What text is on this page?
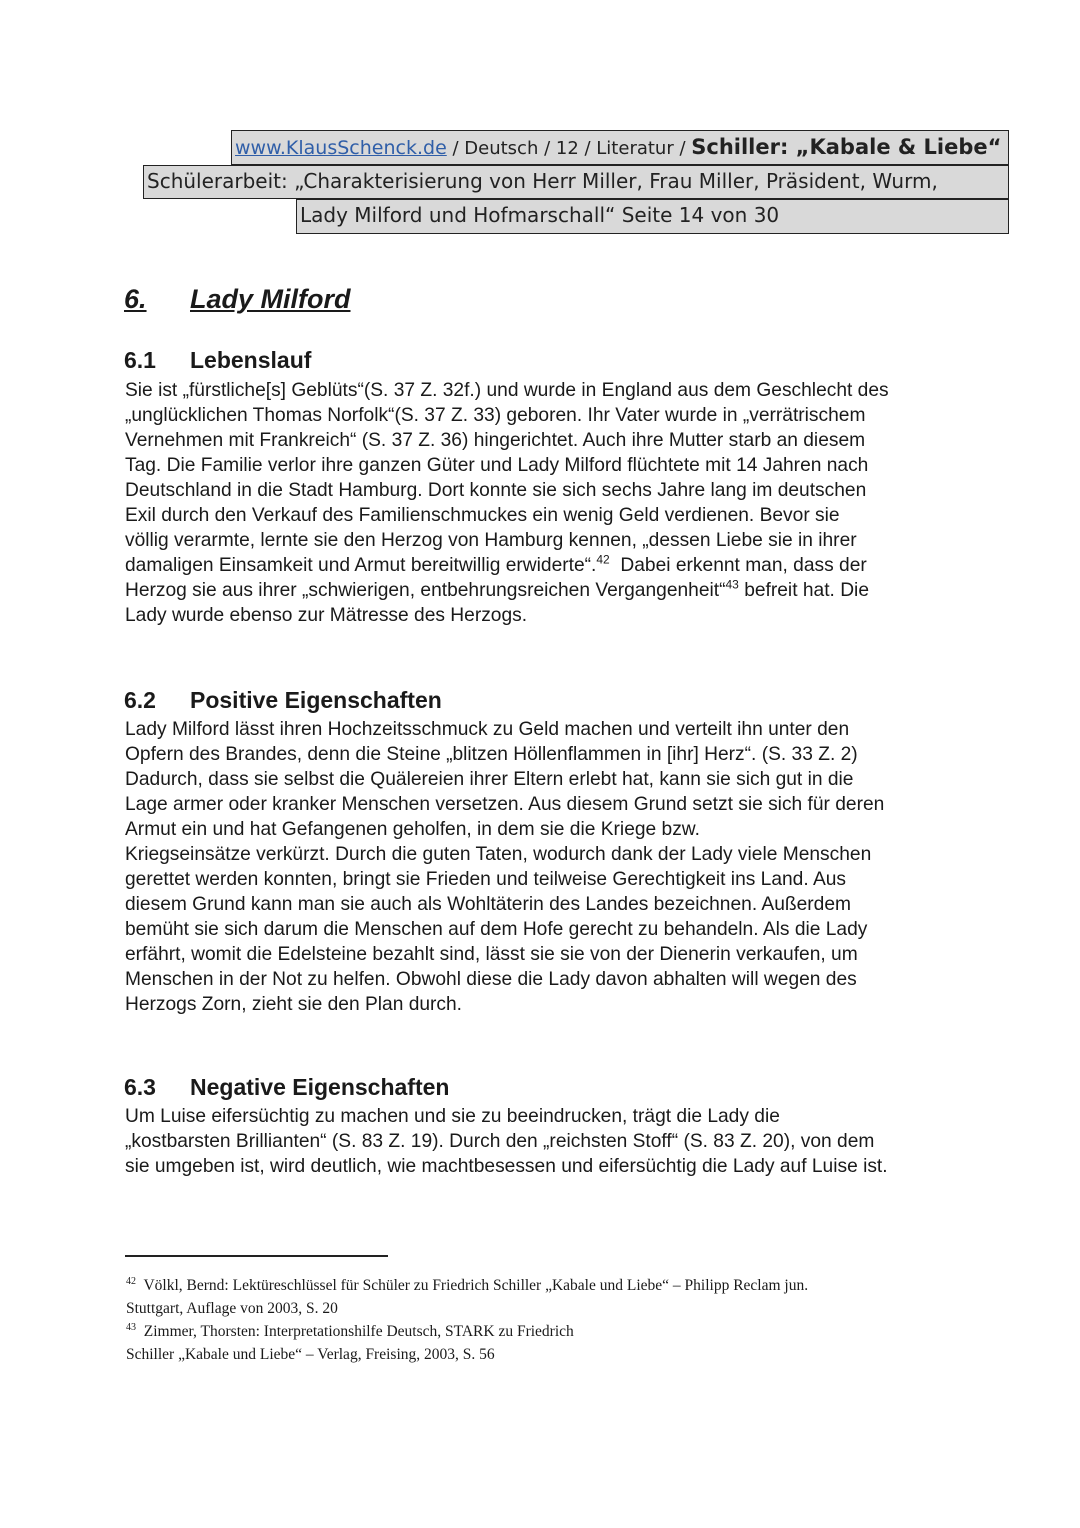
www.KlausSchenck.de / Deutsch / 12 / Literatur / Schiller: „Kabale & Liebe“
Schülerarbeit: „Charakterisierung von Herr Miller, Frau Miller, Präsident, Wurm,
Lady Milford und Hofmarschall“ Seite 14 von 30
6. Lady Milford
6.1 Lebenslauf
Sie ist „fürstliche[s] Geblüts“(S. 37 Z. 32f.) und wurde in England aus dem Geschlecht des
„unglücklichen Thomas Norfolk“(S. 37 Z. 33) geboren. Ihr Vater wurde in „verrätrischem
Vernehmen mit Frankreich“ (S. 37 Z. 36) hingerichtet. Auch ihre Mutter starb an diesem
Tag. Die Familie verlor ihre ganzen Güter und Lady Milford flüchtete mit 14 Jahren nach
Deutschland in die Stadt Hamburg. Dort konnte sie sich sechs Jahre lang im deutschen
Exil durch den Verkauf des Familienschmuckes ein wenig Geld verdienen. Bevor sie
völlig verarmte, lernte sie den Herzog von Hamburg kennen, „dessen Liebe sie in ihrer
damaligen Einsamkeit und Armut bereitwillig erwiderte“.$^{42}$ Dabei erkennt man, dass der
Herzog sie aus ihrer „schwierigen, entbehrungsreichen Vergangenheit“$^{43}$ befreit hat. Die
Lady wurde ebenso zur Mätresse des Herzogs.
6.2 Positive Eigenschaften
Lady Milford lässt ihren Hochzeitsschmuck zu Geld machen und verteilt ihn unter den
Opfern des Brandes, denn die Steine „blitzen Höllenflammen in [ihr] Herz“. (S. 33 Z. 2)
Dadurch, dass sie selbst die Quälereien ihrer Eltern erlebt hat, kann sie sich gut in die
Lage armer oder kranker Menschen versetzen. Aus diesem Grund setzt sie sich für deren
Armut ein und hat Gefangenen geholfen, in dem sie die Kriege bzw.
Kriegseinsätze verkürzt. Durch die guten Taten, wodurch dank der Lady viele Menschen
gerettet werden konnten, bringt sie Frieden und teilweise Gerechtigkeit ins Land. Aus
diesem Grund kann man sie auch als Wohltäterin des Landes bezeichnen. Außerdem
bemüht sie sich darum die Menschen auf dem Hofe gerecht zu behandeln. Als die Lady
erfährt, womit die Edelsteine bezahlt sind, lässt sie sie von der Dienerin verkaufen, um
Menschen in der Not zu helfen. Obwohl diese die Lady davon abhalten will wegen des
Herzogs Zorn, zieht sie den Plan durch.
6.3 Negative Eigenschaften
Um Luise eifersüchtig zu machen und sie zu beeindrucken, trägt die Lady die
„kostbarsten Brillianten“ (S. 83 Z. 19). Durch den „reichsten Stoff“ (S. 83 Z. 20), von dem
sie umgeben ist, wird deutlich, wie machtbesessen und eifersüchtig die Lady auf Luise ist.
$^{42}$ Völkl, Bernd: Lektüreschlüssel für Schüler zu Friedrich Schiller „Kabale und Liebe“ – Philipp Reclam jun.
Stuttgart, Auflage von 2003, S. 20
$^{43}$ Zimmer, Thorsten: Interpretationshilfe Deutsch, STARK zu Friedrich
Schiller „Kabale und Liebe“ – Verlag, Freising, 2003, S. 56
